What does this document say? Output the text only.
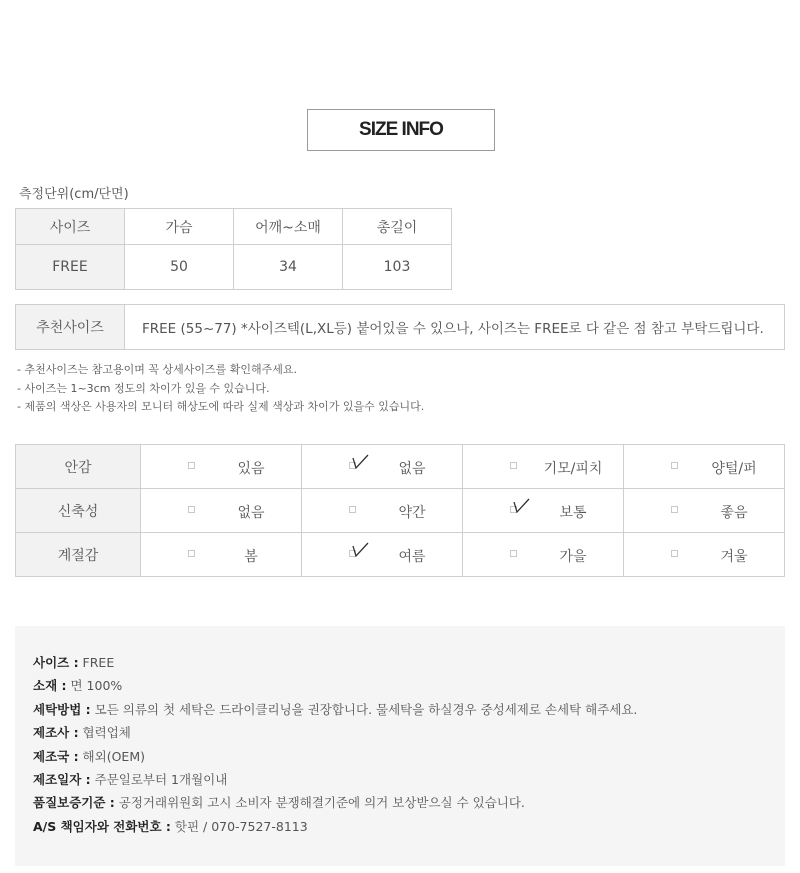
SIZE INFO
측정단위(cm/단면)
사이즈	가슴	어깨~소매	총길이
FREE	50	34	103
추천사이즈	FREE (55~77) *사이즈텍(L,XL등) 붙어있을 수 있으나, 사이즈는 FREE로 다 같은 점 참고 부탁드립니다.
- 추천사이즈는 참고용이며 꼭 상세사이즈를 확인해주세요.
- 사이즈는 1~3cm 정도의 차이가 있을 수 있습니다.
- 제품의 색상은 사용자의 모니터 해상도에 따라 실제 색상과 차이가 있을수 있습니다.
안감	있음	없음	기모/피치	양털/퍼

신축성	없음	약간	보통	좋음

계절감	봄	여름	가을	겨울
사이즈 : FREE
소재 : 면 100%
세탁방법 : 모든 의류의 첫 세탁은 드라이클리닝을 권장합니다. 물세탁을 하실경우 중성세제로 손세탁 해주세요.
제조사 : 협력업체
제조국 : 해외(OEM)
제조일자 : 주문일로부터 1개월이내
품질보증기준 : 공정거래위원회 고시 소비자 분쟁해결기준에 의거 보상받으실 수 있습니다.
A/S 책임자와 전화번호 : 핫핀 / 070-7527-8113
